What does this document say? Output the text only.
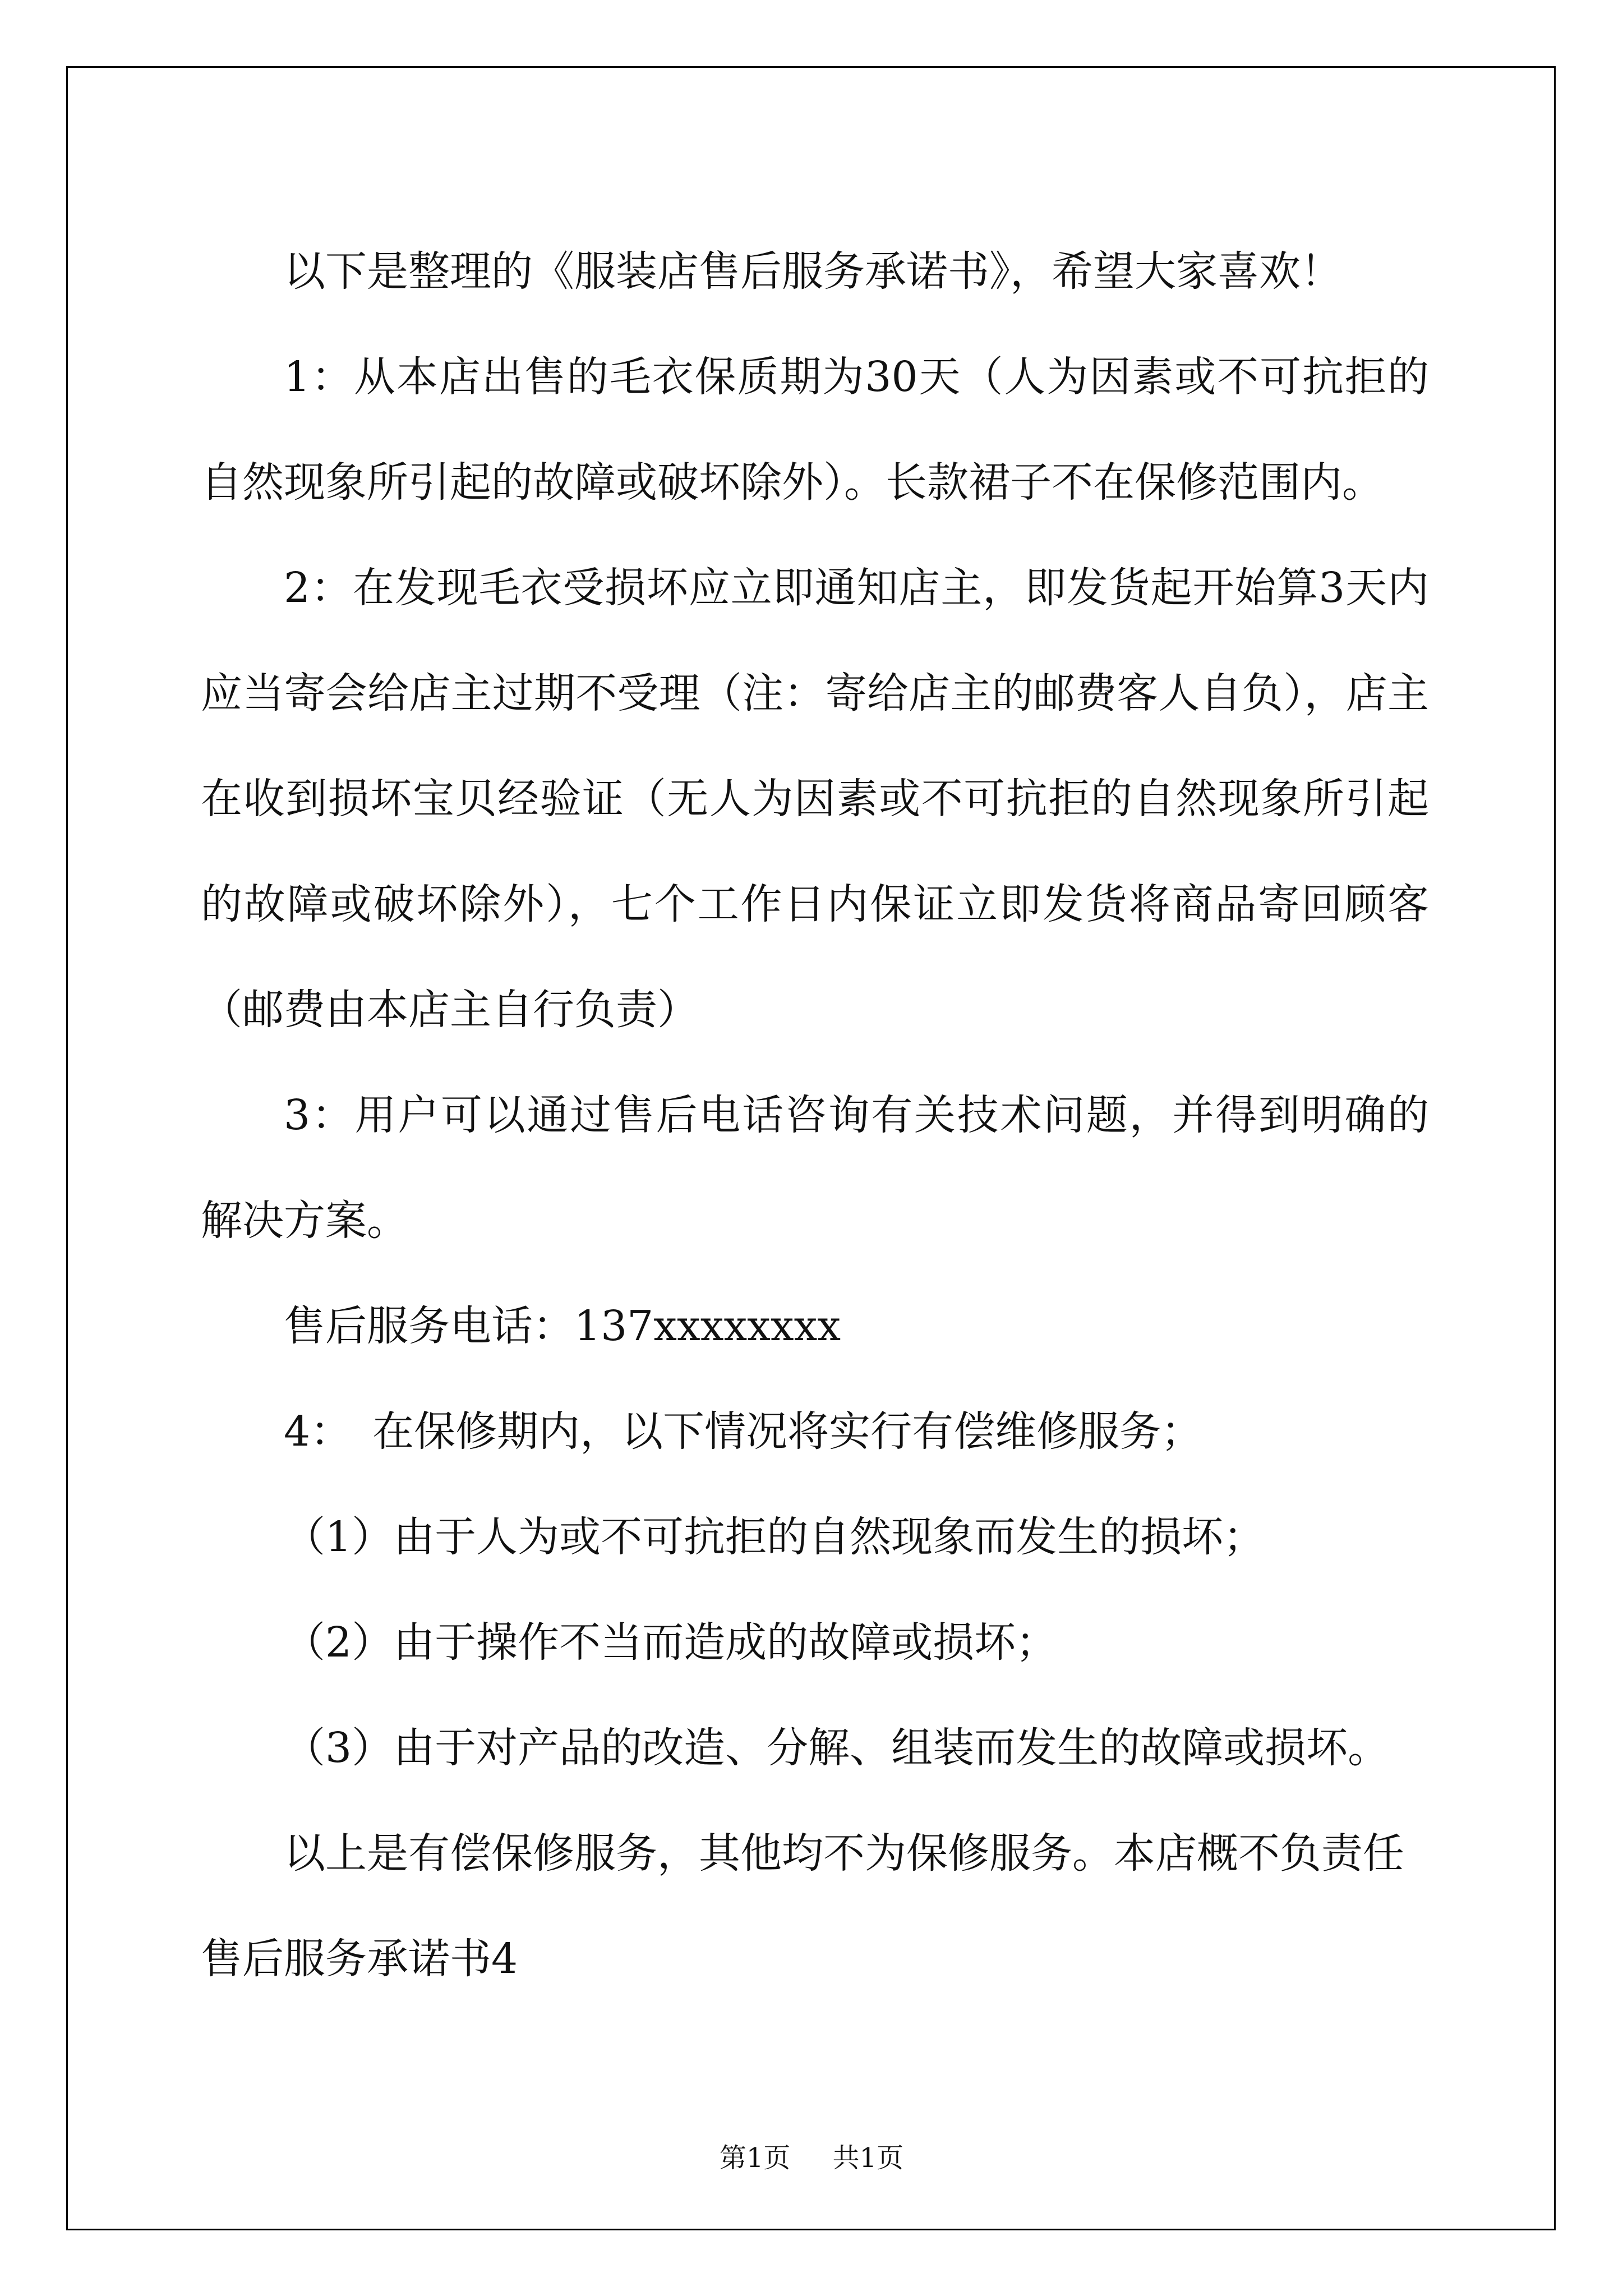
以下是整理的《服装店售后服务承诺书》，希望大家喜欢！

1：从本店出售的毛衣保质期为30天（人为因素或不可抗拒的自然现象所引起的故障或破坏除外）。长款裙子不在保修范围内。

2：在发现毛衣受损坏应立即通知店主，即发货起开始算3天内应当寄会给店主过期不受理（注：寄给店主的邮费客人自负），店主在收到损坏宝贝经验证（无人为因素或不可抗拒的自然现象所引起的故障或破坏除外），七个工作日内保证立即发货将商品寄回顾客（邮费由本店主自行负责）

3：用户可以通过售后电话咨询有关技术问题，并得到明确的解决方案。

售后服务电话：137xxxxxxxx

4：　在保修期内，以下情况将实行有偿维修服务；

（1）由于人为或不可抗拒的自然现象而发生的损坏；

（2）由于操作不当而造成的故障或损坏；

（3）由于对产品的改造、分解、组装而发生的故障或损坏。

以上是有偿保修服务，其他均不为保修服务。本店概不负责任

售后服务承诺书4

第1页 共1页
